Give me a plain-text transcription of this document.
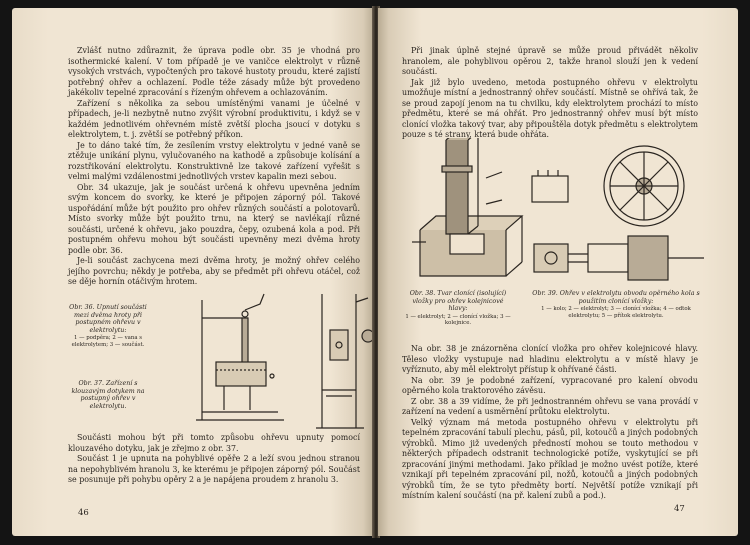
Zvlášť nutno zdůraznit, že úprava podle obr. 35 je vhodná pro isothermické kalení. V tom případě je ve vaničce elektrolyt v různě vysokých vrstvách, vypočtených pro takové hustoty proudu, které zajistí potřebný ohřev a ochlazení. Podle téže zásady může být provedeno jakékoliv tepelné zpracování s řízeným ohřevem a ochlazováním.

Zařízení s několika za sebou umístěnými vanami je účelné v případech, je-li nezbytně nutno zvýšit výrobní produktivitu, i když se v každém jednotlivém ohřevném místě zvětší plocha jsoucí v dotyku s elektrolytem, t. j. zvětší se potřebný příkon.

Je to dáno také tím, že zesílením vrstvy elektrolytu v jedné vaně se ztěžuje unikání plynu, vylučovaného na kathodě a způsobuje kolísání a rozstřikování elektrolytu. Konstruktivně lze takové zařízení vyřešit s velmi malými vzdálenostmi jednotlivých vrstev kapalin mezi sebou.

Obr. 34 ukazuje, jak je součást určená k ohřevu upevněna jedním svým koncem do svorky, ke které je připojen záporný pól. Takové uspořádání může být použito pro ohřev různých součástí a polotovarů. Místo svorky může být použito trnu, na který se navlékají různé součásti, určené k ohřevu, jako pouzdra, čepy, ozubená kola a pod. Při postupném ohřevu mohou být součásti upevněny mezi dvěma hroty podle obr. 36.

Je-li součást zachycena mezi dvěma hroty, je možný ohřev celého jejího povrchu; někdy je potřeba, aby se předmět při ohřevu otáčel, což se děje hornín otáčivým hrotem.

Obr. 36. Upnutí součásti mezi dvěma hroty při postupném ohřevu v elektrolytu:

1 — podpěra; 2 — vana s elektrolytem; 3 — součást.

Obr. 37. Zařízení s klouzavým dotykem na postupný ohřev v elektrolytu.

Součásti mohou být při tomto způsobu ohřevu upnuty pomocí klouzavého dotyku, jak je zřejmo z obr. 37.

Součást 1 je upnuta na pohyblivé opěře 2 a leží svou jednou stranou na nepohyblivém hranolu 3, ke kterému je připojen záporný pól. Součást se posunuje při pohybu opěry 2 a je napájena proudem z hranolu 3.

46

Při jinak úplně stejné úpravě se může proud přivádět několiv hranolem, ale pohyblivou opěrou 2, takže hranol slouží jen k vedení součásti.

Jak již bylo uvedeno, metoda postupného ohřevu v elektrolytu umožňuje místní a jednostranný ohřev součástí. Místně se ohřívá tak, že se proud zapojí jenom na tu chvilku, kdy elektrolytem prochází to místo předmětu, které se má ohřát. Pro jednostranný ohřev musí být místo clonící vložka takový tvar, aby připouštěla dotyk předmětu s elektrolytem pouze s té strany, která bude ohřáta.

Obr. 38. Tvar clonící (isolující) vložky pro ohřev kolejnicové hlavy:

1 — elektrolyt; 2 — clonící vložka; 3 — kolejnice.

Obr. 39. Ohřev v elektrolytu obvodu opěrného kola s použitím clonící vložky:

1 — kolo; 2 — elektrolyt; 3 — clonící vložka; 4 — odtok elektrolytu; 5 — přítok elektrolytu.

Na obr. 38 je znázorněna clonící vložka pro ohřev kolejnicové hlavy. Těleso vložky vystupuje nad hladinu elektrolytu a v místě hlavy je vyříznuto, aby měl elektrolyt přístup k ohřívané části.

Na obr. 39 je podobné zařízení, vypracované pro kalení obvodu opěrného kola traktorového závěsu.

Z obr. 38 a 39 vidíme, že při jednostranném ohřevu se vana provádí v zařízení na vedení a usměrnění průtoku elektrolytu.

Velký význam má metoda postupného ohřevu v elektrolytu při tepelném zpracování tabulí plechu, pásů, pil, kotoučů a jiných podobných výrobků. Mimo již uvedených předností mohou se touto methodou v některých případech odstranit technologické potíže, vyskytující se při zpracování jinými methodami. Jako příklad je možno uvést potíže, které vznikají při tepelném zpracování pil, nožů, kotoučů a jiných podobných výrobků tím, že se tyto předměty bortí. Největší potíže vznikají při místním kalení součástí (na př. kalení zubů a pod.).

47
